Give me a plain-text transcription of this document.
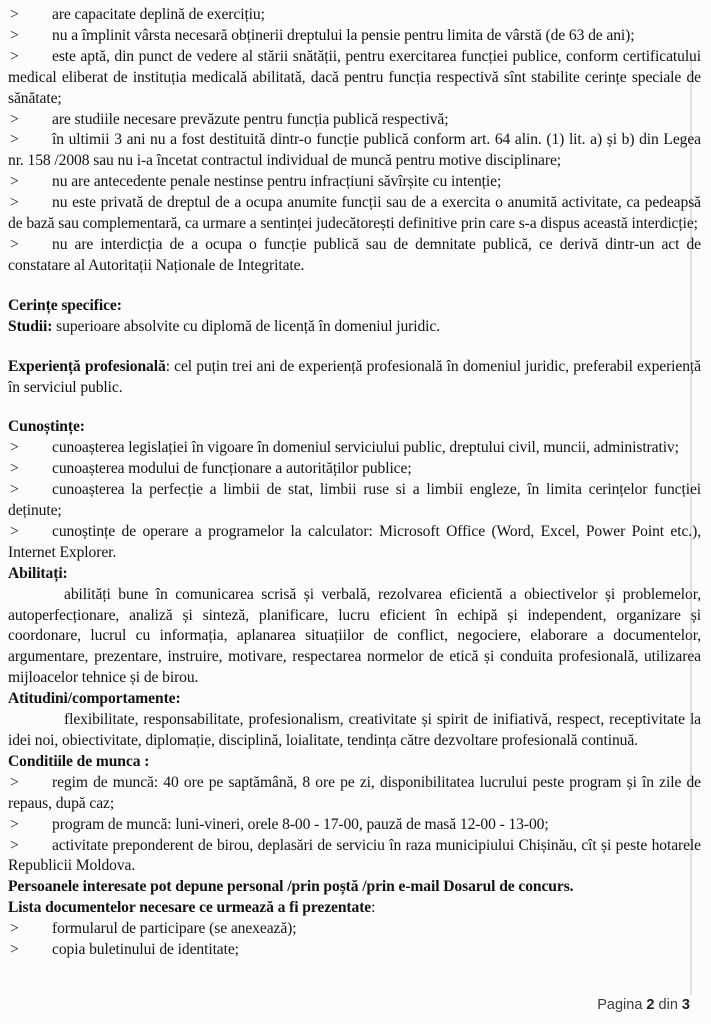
> are capacitate deplină de exercițiu;

> nu a împlinit vârsta necesară obținerii dreptului la pensie pentru limita de vârstă (de 63 de ani);

> este aptă, din punct de vedere al stării snătății, pentru exercitarea funcției publice, conform certificatului medical eliberat de instituția medicală abilitată, dacă pentru funcția respectivă sînt stabilite cerințe speciale de sănătate;

> are studiile necesare prevăzute pentru funcția publică respectivă;

> în ultimii 3 ani nu a fost destituită dintr-o funcție publică conform art. 64 alin. (1) lit. a) și b) din Legea nr. 158 /2008 sau nu i-a încetat contractul individual de muncă pentru motive disciplinare;

> nu are antecedente penale nestinse pentru infracțiuni săvîrșite cu intenție;

> nu este privată de dreptul de a ocupa anumite funcții sau de a exercita o anumită activitate, ca pedeapsă de bază sau complementară, ca urmare a sentinței judecătorești definitive prin care s-a dispus această interdicție;

> nu are interdicția de a ocupa o funcție publică sau de demnitate publică, ce derivă dintr-un act de constatare al Autoritații Naționale de Integritate.

Cerințe specifice:

Studii: superioare absolvite cu diplomă de licență în domeniul juridic.

Experiență profesională: cel puțin trei ani de experiență profesională în domeniul juridic, preferabil experiență în serviciul public.

Cunoștințe:

> cunoașterea legislației în vigoare în domeniul serviciului public, dreptului civil, muncii, administrativ;

> cunoașterea modului de funcționare a autorităților publice;

> cunoașterea la perfecție a limbii de stat, limbii ruse si a limbii engleze, în limita cerințelor funcției deținute;

> cunoștințe de operare a programelor la calculator: Microsoft Office (Word, Excel, Power Point etc.), Internet Explorer.

Abilitați:

abilități bune în comunicarea scrisă și verbală, rezolvarea eficientă a obiectivelor și problemelor, autoperfecționare, analiză și sinteză, planificare, lucru eficient în echipă și independent, organizare și coordonare, lucrul cu informația, aplanarea situațiilor de conflict, negociere, elaborare a documentelor, argumentare, prezentare, instruire, motivare, respectarea normelor de etică și conduita profesională, utilizarea mijloacelor tehnice și de birou.

Atitudini/comportamente:

flexibilitate, responsabilitate, profesionalism, creativitate și spirit de inifiativă, respect, receptivitate la idei noi, obiectivitate, diplomație, disciplină, loialitate, tendința către dezvoltare profesională continuă.

Conditiile de munca :

> regim de muncă: 40 ore pe saptămână, 8 ore pe zi, disponibilitatea lucrului peste program și în zile de repaus, după caz;

> program de muncă: luni-vineri, orele 8-00 - 17-00, pauză de masă 12-00 - 13-00;

> activitate preponderent de birou, deplasări de serviciu în raza municipiului Chișinău, cît și peste hotarele Republicii Moldova.

Persoanele interesate pot depune personal /prin poștă /prin e-mail Dosarul de concurs.

Lista documentelor necesare ce urmează a fi prezentate:

> formularul de participare (se anexează);

> copia buletinului de identitate;

Pagina 2 din 3
